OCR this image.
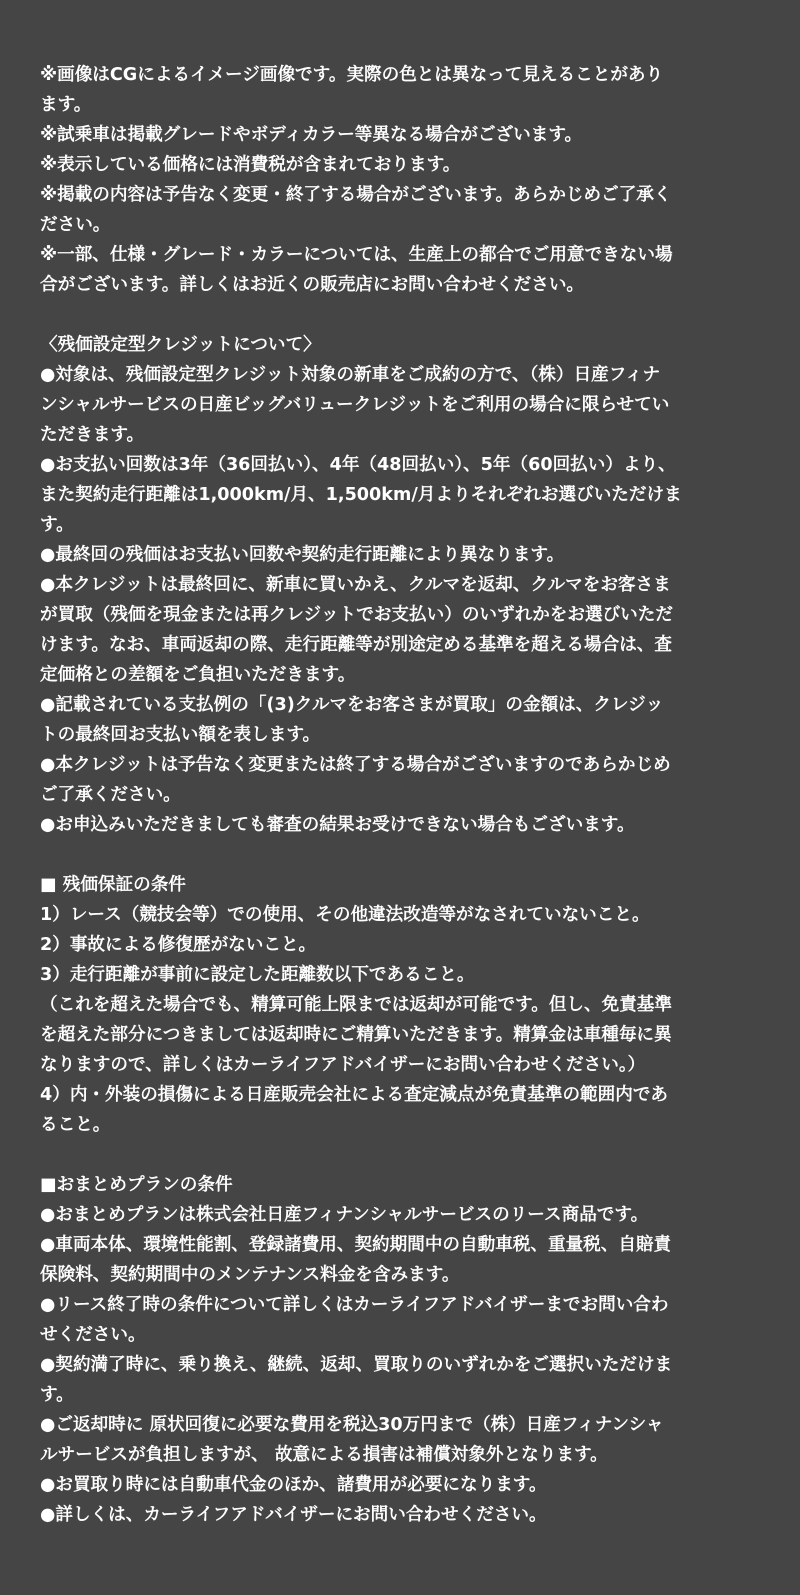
※画像はCGによるイメージ画像です。実際の色とは異なって見えることがあり
ます。
※試乗車は掲載グレードやボディカラー等異なる場合がございます。
※表示している価格には消費税が含まれております。
※掲載の内容は予告なく変更・終了する場合がございます。あらかじめご了承く
ださい。
※一部、仕様・グレード・カラーについては、生産上の都合でご用意できない場
合がございます。詳しくはお近くの販売店にお問い合わせください。
〈残価設定型クレジットについて〉
●対象は、残価設定型クレジット対象の新車をご成約の方で、（株）日産フィナ
ンシャルサービスの日産ビッグバリュークレジットをご利用の場合に限らせてい
ただきます。
●お支払い回数は3年（36回払い）、4年（48回払い）、5年（60回払い）より、
また契約走行距離は1,000km/月、1,500km/月よりそれぞれお選びいただけま
す。
●最終回の残価はお支払い回数や契約走行距離により異なります。
●本クレジットは最終回に、新車に買いかえ、クルマを返却、クルマをお客さま
が買取（残価を現金または再クレジットでお支払い）のいずれかをお選びいただ
けます。なお、車両返却の際、走行距離等が別途定める基準を超える場合は、査
定価格との差額をご負担いただきます。
●記載されている支払例の「(3)クルマをお客さまが買取」の金額は、クレジッ
トの最終回お支払い額を表します。
●本クレジットは予告なく変更または終了する場合がございますのであらかじめ
ご了承ください。
●お申込みいただきましても審査の結果お受けできない場合もございます。
■ 残価保証の条件
1）レース（競技会等）での使用、その他違法改造等がなされていないこと。
2）事故による修復歴がないこと。
3）走行距離が事前に設定した距離数以下であること。
（これを超えた場合でも、精算可能上限までは返却が可能です。但し、免責基準
を超えた部分につきましては返却時にご精算いただきます。精算金は車種毎に異
なりますので、詳しくはカーライフアドバイザーにお問い合わせください。）
4）内・外装の損傷による日産販売会社による査定減点が免責基準の範囲内であ
ること。
■おまとめプランの条件
●おまとめプランは株式会社日産フィナンシャルサービスのリース商品です。
●車両本体、環境性能割、登録諸費用、契約期間中の自動車税、重量税、自賠責
保険料、契約期間中のメンテナンス料金を含みます。
●リース終了時の条件について詳しくはカーライフアドバイザーまでお問い合わ
せください。
●契約満了時に、乗り換え、継続、返却、買取りのいずれかをご選択いただけま
す。
●ご返却時に 原状回復に必要な費用を税込30万円まで（株）日産フィナンシャ
ルサービスが負担しますが、 故意による損害は補償対象外となります。
●お買取り時には自動車代金のほか、諸費用が必要になります。
●詳しくは、カーライフアドバイザーにお問い合わせください。
